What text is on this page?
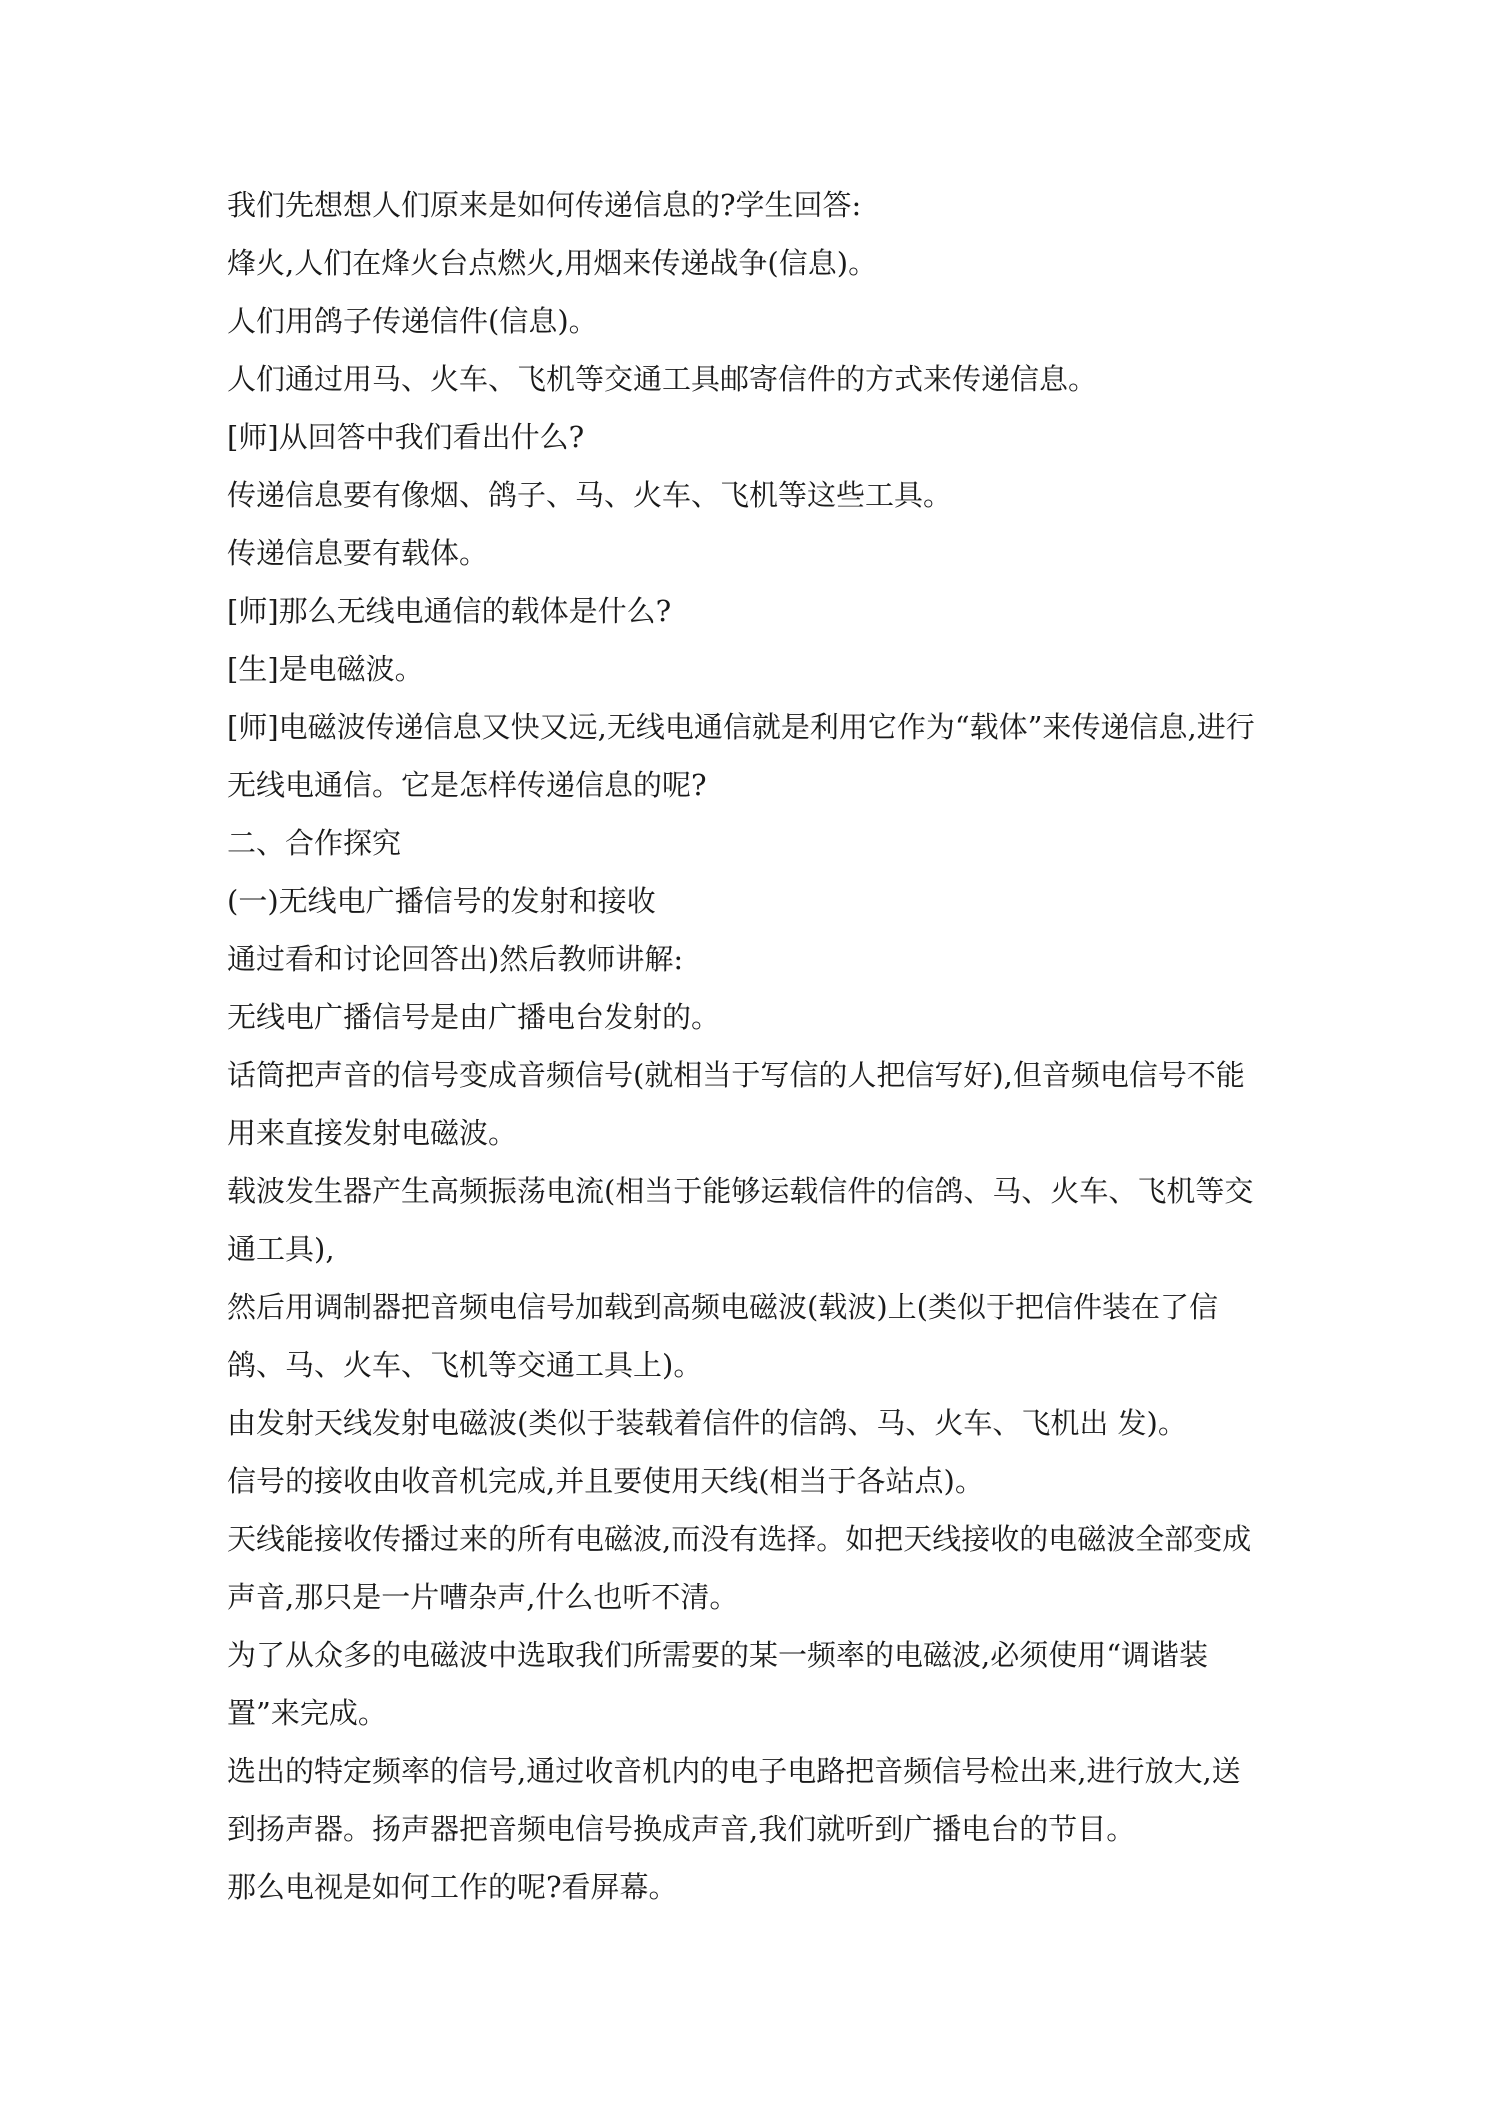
我们先想想人们原来是如何传递信息的?学生回答:

烽火,人们在烽火台点燃火,用烟来传递战争(信息)。

人们用鸽子传递信件(信息)。

人们通过用马、火车、飞机等交通工具邮寄信件的方式来传递信息。

[师]从回答中我们看出什么?

传递信息要有像烟、鸽子、马、火车、飞机等这些工具。

传递信息要有载体。

[师]那么无线电通信的载体是什么?

[生]是电磁波。

[师]电磁波传递信息又快又远,无线电通信就是利用它作为“载体”来传递信息,进行无线电通信。它是怎样传递信息的呢?

二、合作探究

(一)无线电广播信号的发射和接收

通过看和讨论回答出)然后教师讲解:

无线电广播信号是由广播电台发射的。

话筒把声音的信号变成音频信号(就相当于写信的人把信写好),但音频电信号不能用来直接发射电磁波。

载波发生器产生高频振荡电流(相当于能够运载信件的信鸽、马、火车、飞机等交通工具),

然后用调制器把音频电信号加载到高频电磁波(载波)上(类似于把信件装在了信鸽、马、火车、飞机等交通工具上)。

由发射天线发射电磁波(类似于装载着信件的信鸽、马、火车、飞机出 发)。

信号的接收由收音机完成,并且要使用天线(相当于各站点)。

天线能接收传播过来的所有电磁波,而没有选择。如把天线接收的电磁波全部变成声音,那只是一片嘈杂声,什么也听不清。

为了从众多的电磁波中选取我们所需要的某一频率的电磁波,必须使用“调谐装置”来完成。

选出的特定频率的信号,通过收音机内的电子电路把音频信号检出来,进行放大,送到扬声器。扬声器把音频电信号换成声音,我们就听到广播电台的节目。

那么电视是如何工作的呢?看屏幕。
